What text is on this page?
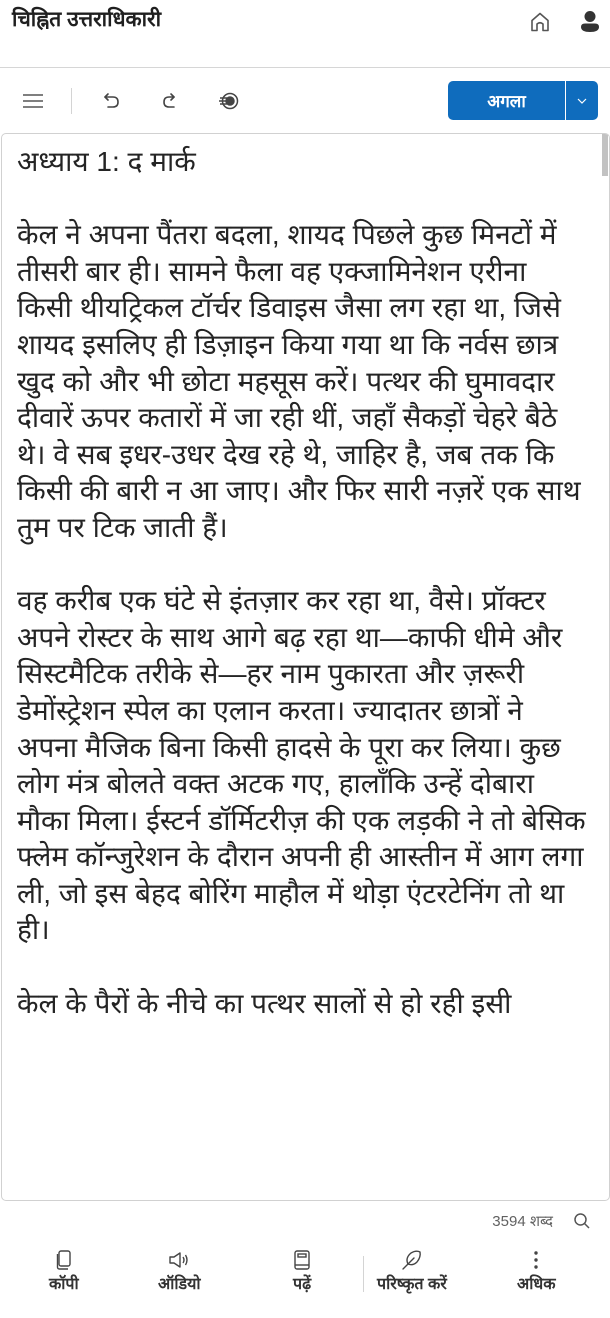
चिह्नित उत्तराधिकारी
अगला

अध्याय 1: द मार्क

केल ने अपना पैंतरा बदला, शायद पिछले कुछ मिनटों में तीसरी बार ही। सामने फैला वह एक्जामिनेशन एरीना किसी थीयट्रिकल टॉर्चर डिवाइस जैसा लग रहा था, जिसे शायद इसलिए ही डिज़ाइन किया गया था कि नर्वस छात्र खुद को और भी छोटा महसूस करें। पत्थर की घुमावदार दीवारें ऊपर कतारों में जा रही थीं, जहाँ सैकड़ों चेहरे बैठे थे। वे सब इधर-उधर देख रहे थे, जाहिर है, जब तक कि किसी की बारी न आ जाए। और फिर सारी नज़रें एक साथ तुम पर टिक जाती हैं।

वह करीब एक घंटे से इंतज़ार कर रहा था, वैसे। प्रॉक्टर अपने रोस्टर के साथ आगे बढ़ रहा था—काफी धीमे और सिस्टमैटिक तरीके से—हर नाम पुकारता और ज़रूरी डेमोंस्ट्रेशन स्पेल का एलान करता। ज्यादातर छात्रों ने अपना मैजिक बिना किसी हादसे के पूरा कर लिया। कुछ लोग मंत्र बोलते वक्त अटक गए, हालाँकि उन्हें दोबारा मौका मिला। ईस्टर्न डॉर्मिटरीज़ की एक लड़की ने तो बेसिक फ्लेम कॉन्जुरेशन के दौरान अपनी ही आस्तीन में आग लगा ली, जो इस बेहद बोरिंग माहौल में थोड़ा एंटरटेनिंग तो था ही।

केल के पैरों के नीचे का पत्थर सालों से हो रही इसी

3594 शब्द
कॉपी	ऑडियो	पढ़ें	परिष्कृत करें	अधिक
